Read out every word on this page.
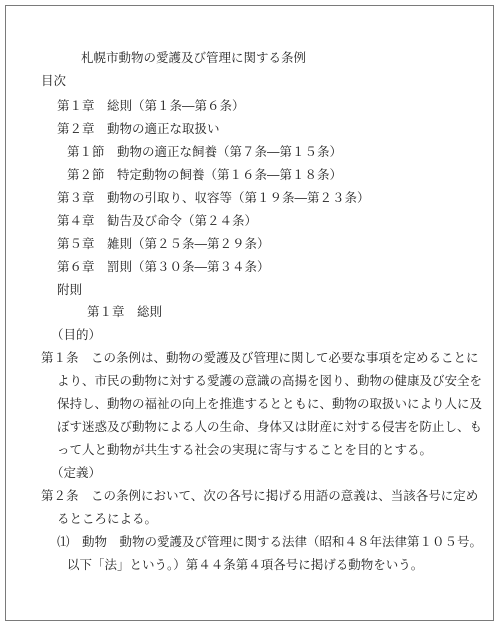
札幌市動物の愛護及び管理に関する条例
目次
第１章　総則（第１条―第６条）
第２章　動物の適正な取扱い
第１節　動物の適正な飼養（第７条―第１５条）
第２節　特定動物の飼養（第１６条―第１８条）
第３章　動物の引取り、収容等（第１９条―第２３条）
第４章　勧告及び命令（第２４条）
第５章　雑則（第２５条―第２９条）
第６章　罰則（第３０条―第３４条）
附則
第１章　総則
（目的）
第１条　この条例は、動物の愛護及び管理に関して必要な事項を定めることに
より、市民の動物に対する愛護の意識の高揚を図り、動物の健康及び安全を
保持し、動物の福祉の向上を推進するとともに、動物の取扱いにより人に及
ぼす迷惑及び動物による人の生命、身体又は財産に対する侵害を防止し、も
って人と動物が共生する社会の実現に寄与することを目的とする。
（定義）
第２条　この条例において、次の各号に掲げる用語の意義は、当該各号に定め
るところによる。
⑴　動物　動物の愛護及び管理に関する法律（昭和４８年法律第１０５号。
以下「法」という。）第４４条第４項各号に掲げる動物をいう。
